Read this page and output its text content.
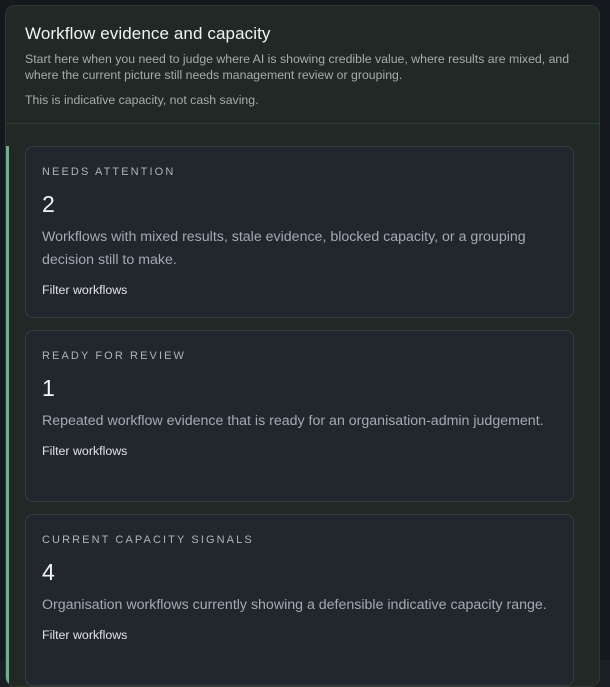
Workflow evidence and capacity

Start here when you need to judge where AI is showing credible value, where results are mixed, and where the current picture still needs management review or grouping.

This is indicative capacity, not cash saving.

NEEDS ATTENTION
2
Workflows with mixed results, stale evidence, blocked capacity, or a grouping decision still to make.
Filter workflows
READY FOR REVIEW
1
Repeated workflow evidence that is ready for an organisation-admin judgement.
Filter workflows
CURRENT CAPACITY SIGNALS
4
Organisation workflows currently showing a defensible indicative capacity range.
Filter workflows
